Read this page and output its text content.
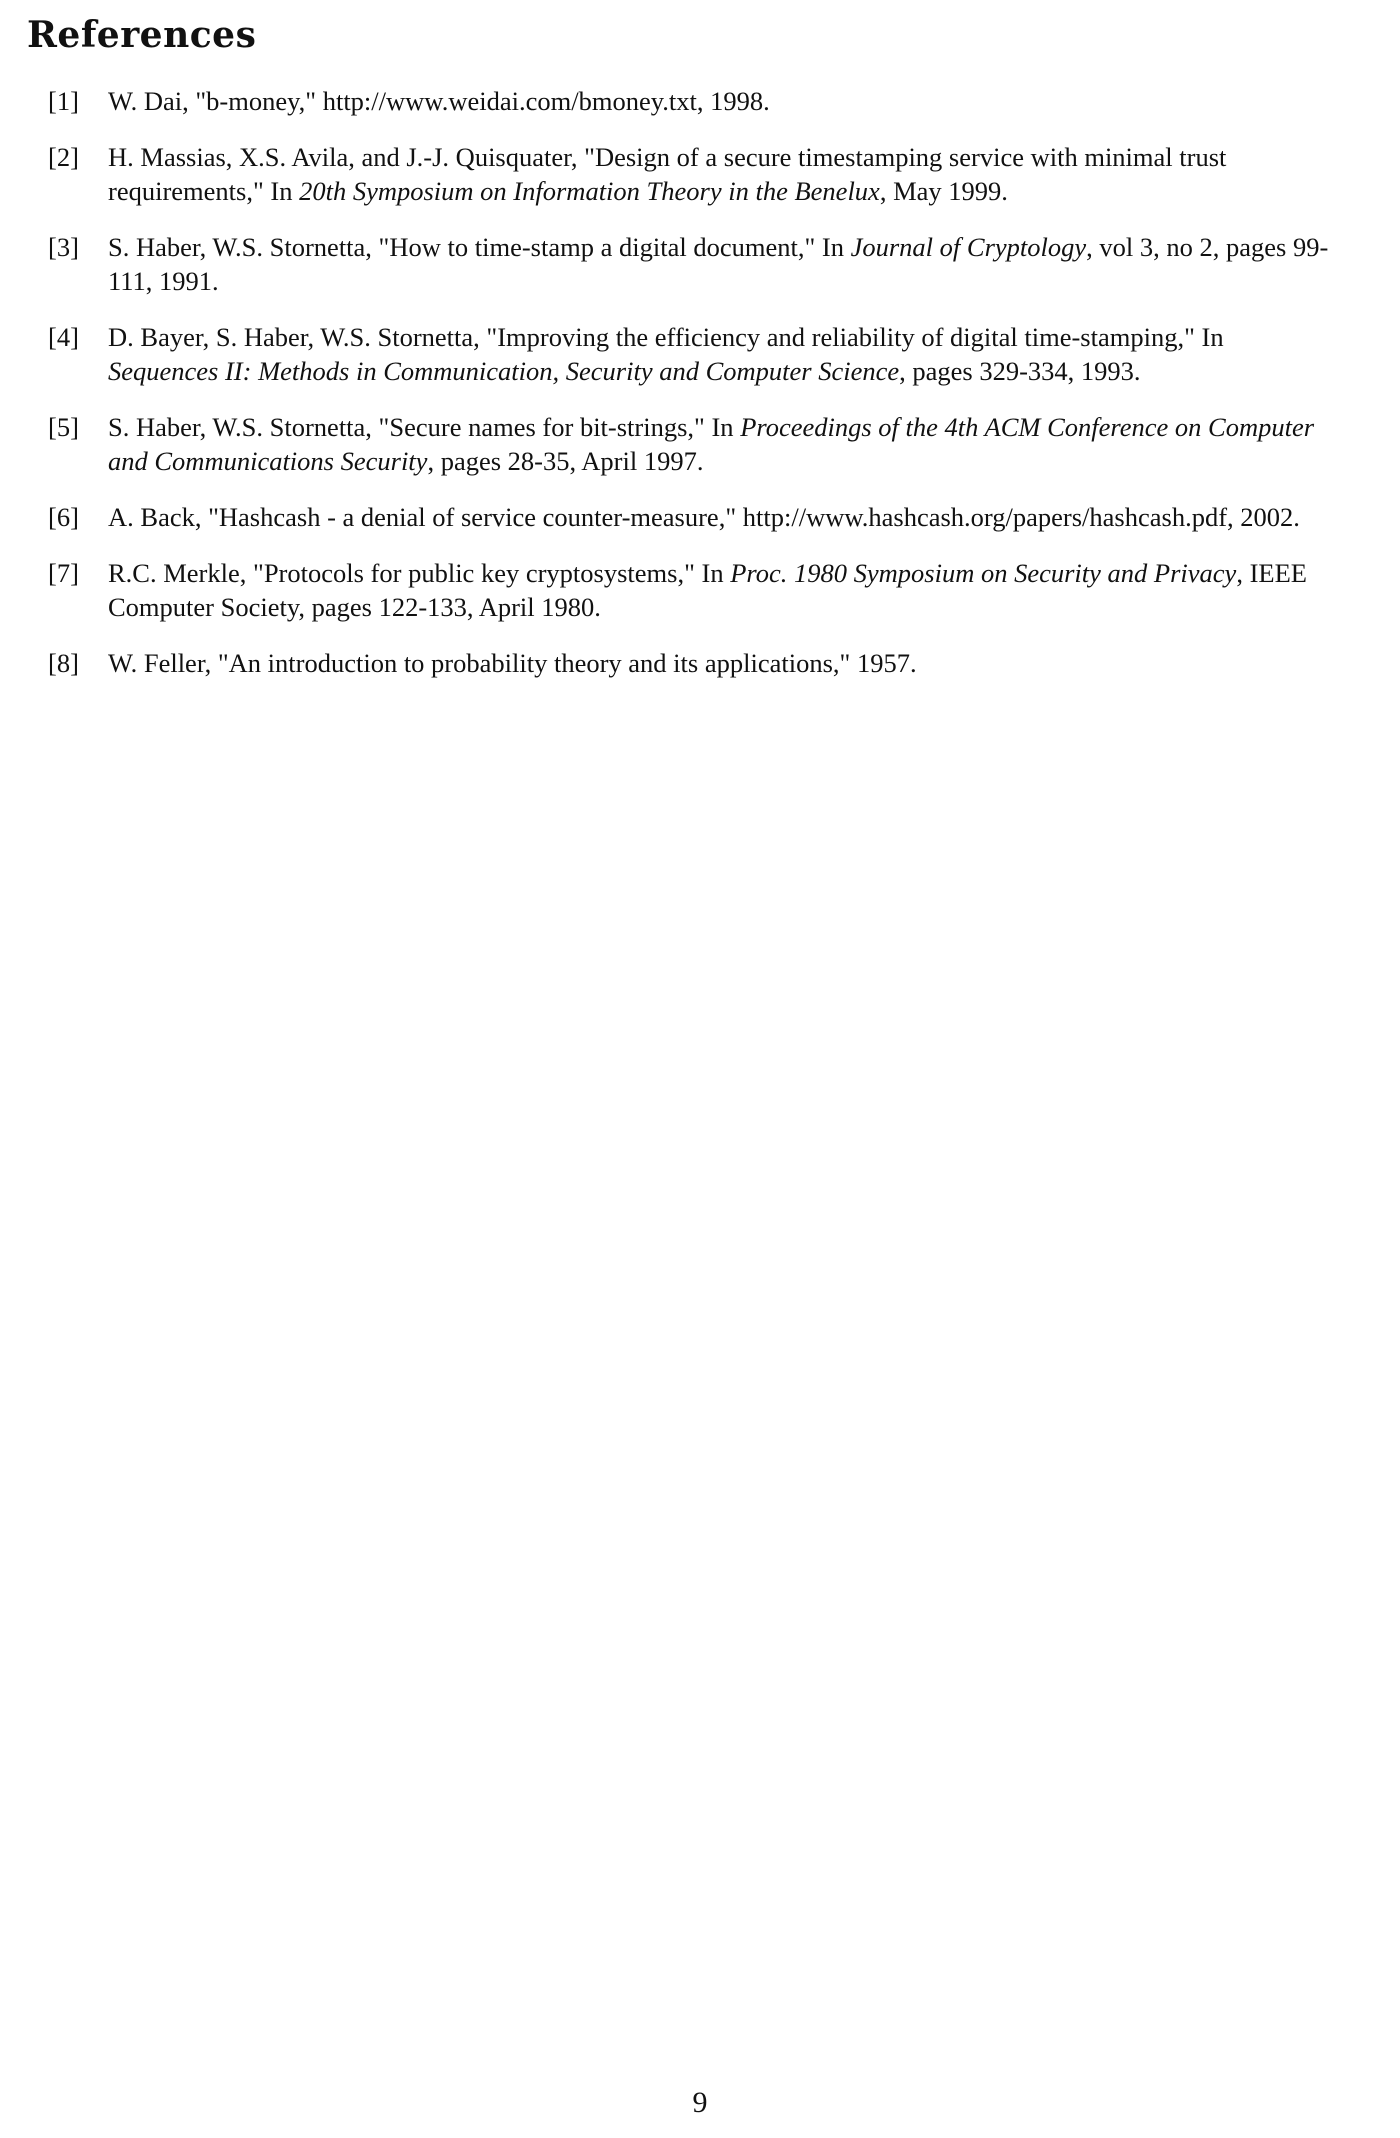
References
[1] W. Dai, "b-money," http://www.weidai.com/bmoney.txt, 1998.
[2] H. Massias, X.S. Avila, and J.-J. Quisquater, "Design of a secure timestamping service with minimal trust requirements," In 20th Symposium on Information Theory in the Benelux, May 1999.
[3] S. Haber, W.S. Stornetta, "How to time-stamp a digital document," In Journal of Cryptology, vol 3, no 2, pages 99-111, 1991.
[4] D. Bayer, S. Haber, W.S. Stornetta, "Improving the efficiency and reliability of digital time-stamping," In Sequences II: Methods in Communication, Security and Computer Science, pages 329-334, 1993.
[5] S. Haber, W.S. Stornetta, "Secure names for bit-strings," In Proceedings of the 4th ACM Conference on Computer and Communications Security, pages 28-35, April 1997.
[6] A. Back, "Hashcash - a denial of service counter-measure," http://www.hashcash.org/papers/hashcash.pdf, 2002.
[7] R.C. Merkle, "Protocols for public key cryptosystems," In Proc. 1980 Symposium on Security and Privacy, IEEE Computer Society, pages 122-133, April 1980.
[8] W. Feller, "An introduction to probability theory and its applications," 1957.
9
